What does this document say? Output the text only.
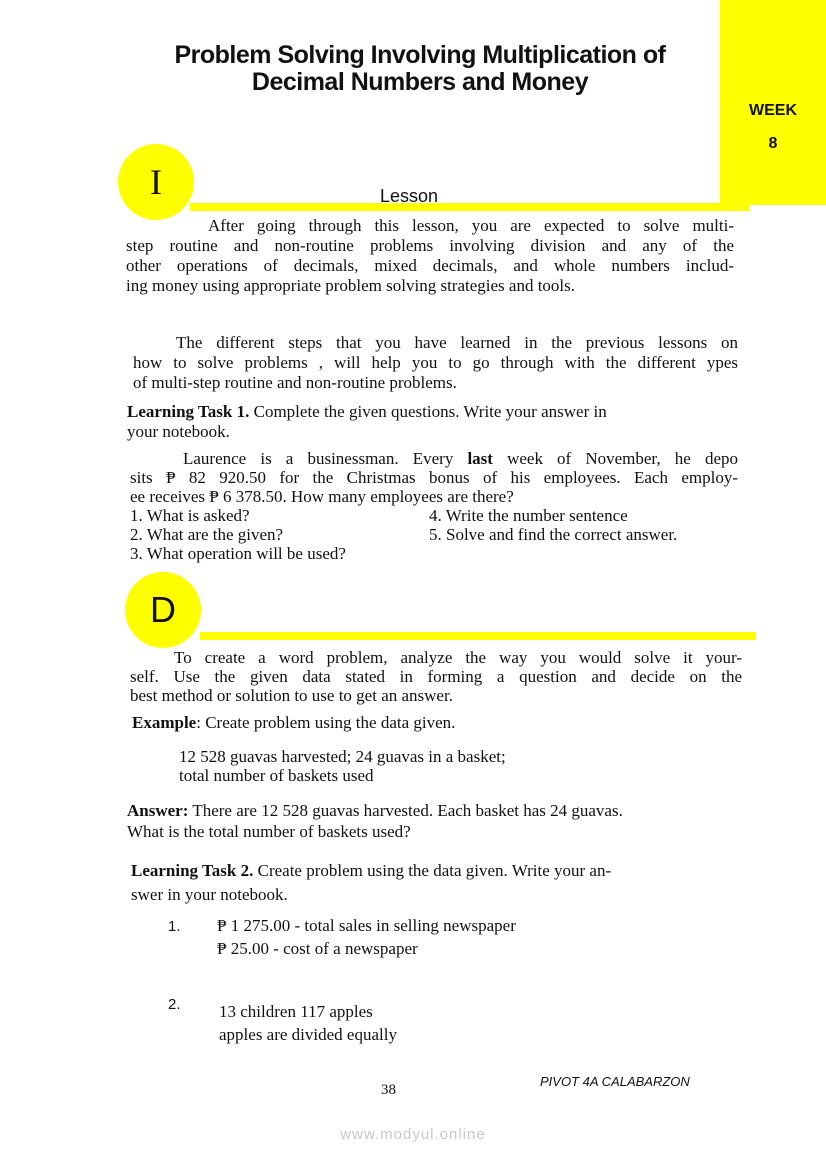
WEEK
8
Problem Solving Involving Multiplication of
Decimal Numbers and Money
I	Lesson
After going through this lesson, you are expected to solve multi-
step routine and non-routine problems involving division and any of the
other operations of decimals, mixed decimals, and whole numbers includ-
ing money using appropriate problem solving strategies and tools.
The different steps that you have learned in the previous lessons on
how to solve problems , will help you to go through with the different ypes
of multi-step routine and non-routine problems.
Learning Task 1. Complete the given questions. Write your answer in
your notebook.
Laurence is a businessman. Every last week of November, he depo
sits ₱ 82 920.50 for the Christmas bonus of his employees. Each employ-
ee receives ₱ 6 378.50. How many employees are there?
1. What is asked?
2. What are the given?
3. What operation will be used?
4. Write the number sentence
5. Solve and find the correct answer.
D
To create a word problem, analyze the way you would solve it your-
self. Use the given data stated in forming a question and decide on the
best method or solution to use to get an answer.
Example: Create problem using the data given.
12 528 guavas harvested; 24 guavas in a basket;
total number of baskets used
Answer: There are 12 528 guavas harvested. Each basket has 24 guavas.
What is the total number of baskets used?
Learning Task 2. Create problem using the data given. Write your an-
swer in your notebook.
1. ₱ 1 275.00 - total sales in selling newspaper
₱ 25.00 - cost of a newspaper
2. 13 children 117 apples
apples are divided equally
38
PIVOT 4A CALABARZON
www.modyul.online
